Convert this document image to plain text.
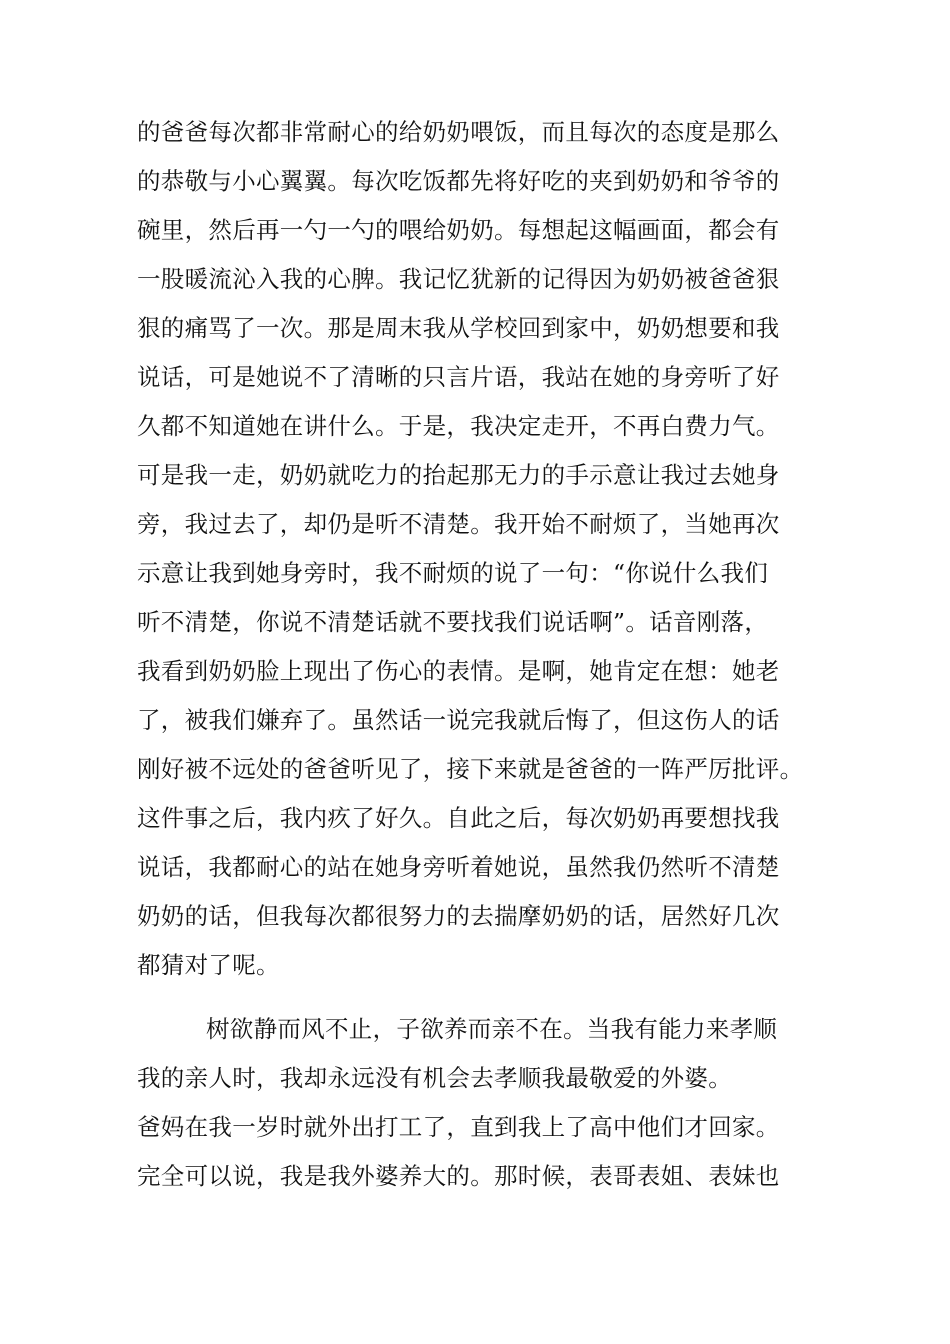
的爸爸每次都非常耐心的给奶奶喂饭，而且每次的态度是那么
的恭敬与小心翼翼。每次吃饭都先将好吃的夹到奶奶和爷爷的
碗里，然后再一勺一勺的喂给奶奶。每想起这幅画面，都会有
一股暖流沁入我的心脾。我记忆犹新的记得因为奶奶被爸爸狠
狠的痛骂了一次。那是周末我从学校回到家中，奶奶想要和我
说话，可是她说不了清晰的只言片语，我站在她的身旁听了好
久都不知道她在讲什么。于是，我决定走开，不再白费力气。
可是我一走，奶奶就吃力的抬起那无力的手示意让我过去她身
旁，我过去了，却仍是听不清楚。我开始不耐烦了，当她再次
示意让我到她身旁时，我不耐烦的说了一句：“你说什么我们
听不清楚，你说不清楚话就不要找我们说话啊”。话音刚落，
我看到奶奶脸上现出了伤心的表情。是啊，她肯定在想：她老
了，被我们嫌弃了。虽然话一说完我就后悔了，但这伤人的话
刚好被不远处的爸爸听见了，接下来就是爸爸的一阵严厉批评。
这件事之后，我内疚了好久。自此之后，每次奶奶再要想找我
说话，我都耐心的站在她身旁听着她说，虽然我仍然听不清楚
奶奶的话，但我每次都很努力的去揣摩奶奶的话，居然好几次
都猜对了呢。
树欲静而风不止，子欲养而亲不在。当我有能力来孝顺
我的亲人时，我却永远没有机会去孝顺我最敬爱的外婆。
爸妈在我一岁时就外出打工了，直到我上了高中他们才回家。
完全可以说，我是我外婆养大的。那时候，表哥表姐、表妹也
